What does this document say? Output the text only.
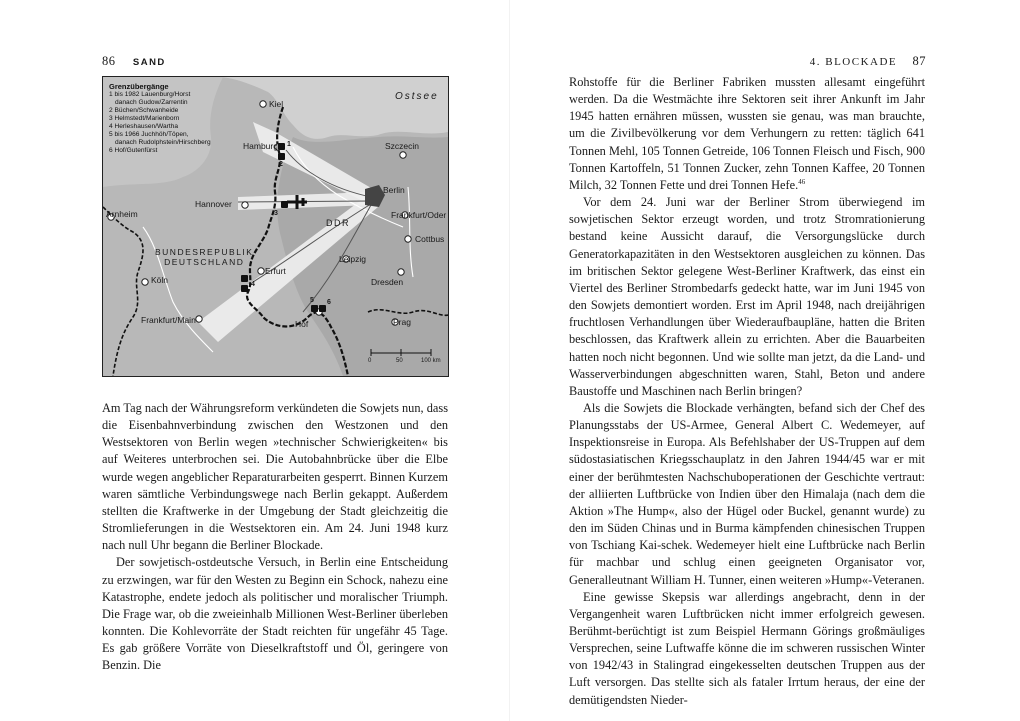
86 SAND
Grenzübergänge
1 bis 1982 Lauenburg/Horst
danach Gudow/Zarrentin
2 Büchen/Schwanheide
3 Helmstedt/Marienborn
4 Herleshausen/Wartha
5 bis 1966 Juchhöh/Töpen,
danach Rudolphstein/Hirschberg
6 Hof/Gutenfürst
Ostsee
BUNDESREPUBLIK
DEUTSCHLAND
DDR
Kiel
Hamburg	Szczecin
Berlin
Hannover
Frankfurt/Oder
Arnheim
Cottbus
Leipzig
Dresden
Erfurt
Köln
Frankfurt/Main	Hof	Prag
1
2
3
4
5 6
0	50	100 km

Am Tag nach der Währungsreform verkündeten die Sowjets nun, dass die Eisenbahnverbindung zwischen den Westzonen und den Westsektoren von Berlin wegen »technischer Schwierigkeiten« bis auf Weiteres unterbrochen sei. Die Autobahnbrücke über die Elbe wurde wegen angeblicher Reparaturarbeiten gesperrt. Binnen Kurzem waren sämtliche Verbindungswege nach Berlin gekappt. Außerdem stellten die Kraftwerke in der Umgebung der Stadt gleichzeitig die Stromlieferungen in die Westsektoren ein. Am 24. Juni 1948 kurz nach null Uhr begann die Berliner Blockade.

Der sowjetisch-ostdeutsche Versuch, in Berlin eine Entscheidung zu erzwingen, war für den Westen zu Beginn ein Schock, nahezu eine Katastrophe, endete jedoch als politischer und moralischer Triumph. Die Frage war, ob die zweieinhalb Millionen West-Berliner überleben konnten. Die Kohlevorräte der Stadt reichten für ungefähr 45 Tage. Es gab größere Vorräte von Dieselkraftstoff und Öl, geringere von Benzin. Die

4. BLOCKADE 87

Rohstoffe für die Berliner Fabriken mussten allesamt eingeführt werden. Da die Westmächte ihre Sektoren seit ihrer Ankunft im Jahr 1945 hatten ernähren müssen, wussten sie genau, was man brauchte, um die Zivilbevölkerung vor dem Verhungern zu retten: täglich 641 Tonnen Mehl, 105 Tonnen Getreide, 106 Tonnen Fleisch und Fisch, 900 Tonnen Kartoffeln, 51 Tonnen Zucker, zehn Tonnen Kaffee, 20 Tonnen Milch, 32 Tonnen Fette und drei Tonnen Hefe.$^{46}$

Vor dem 24. Juni war der Berliner Strom überwiegend im sowjetischen Sektor erzeugt worden, und trotz Stromrationierung bestand keine Aussicht darauf, die Versorgungslücke durch Generatorkapazitäten in den Westsektoren ausgleichen zu können. Das im britischen Sektor gelegene West-Berliner Kraftwerk, das einst ein Viertel des Berliner Strombedarfs gedeckt hatte, war im Juni 1945 von den Sowjets demontiert worden. Erst im April 1948, nach dreijährigen fruchtlosen Verhandlungen über Wiederaufbaupläne, hatten die Briten beschlossen, das Kraftwerk allein zu errichten. Aber die Bauarbeiten hatten noch nicht begonnen. Und wie sollte man jetzt, da die Land- und Wasserverbindungen abgeschnitten waren, Stahl, Beton und andere Baustoffe und Maschinen nach Berlin bringen?

Als die Sowjets die Blockade verhängten, befand sich der Chef des Planungsstabs der US-Armee, General Albert C. Wedemeyer, auf Inspektionsreise in Europa. Als Befehlshaber der US-Truppen auf dem südostasiatischen Kriegsschauplatz in den Jahren 1944/45 war er mit einer der berühmtesten Nachschuboperationen der Geschichte vertraut: der alliierten Luftbrücke von Indien über den Himalaja (nach dem die Aktion »The Hump«, also der Hügel oder Buckel, genannt wurde) zu den im Süden Chinas und in Burma kämpfenden chinesischen Truppen von Tschiang Kai-schek. Wedemeyer hielt eine Luftbrücke nach Berlin für machbar und schlug einen geeigneten Organisator vor, Generalleutnant William H. Tunner, einen weiteren »Hump«-Veteranen.

Eine gewisse Skepsis war allerdings angebracht, denn in der Vergangenheit waren Luftbrücken nicht immer erfolgreich gewesen. Berühmt-berüchtigt ist zum Beispiel Hermann Görings großmäuliges Versprechen, seine Luftwaffe könne die im schweren russischen Winter von 1942/43 in Stalingrad eingekesselten deutschen Truppen aus der Luft versorgen. Das stellte sich als fataler Irrtum heraus, der eine der demütigendsten Nieder-
